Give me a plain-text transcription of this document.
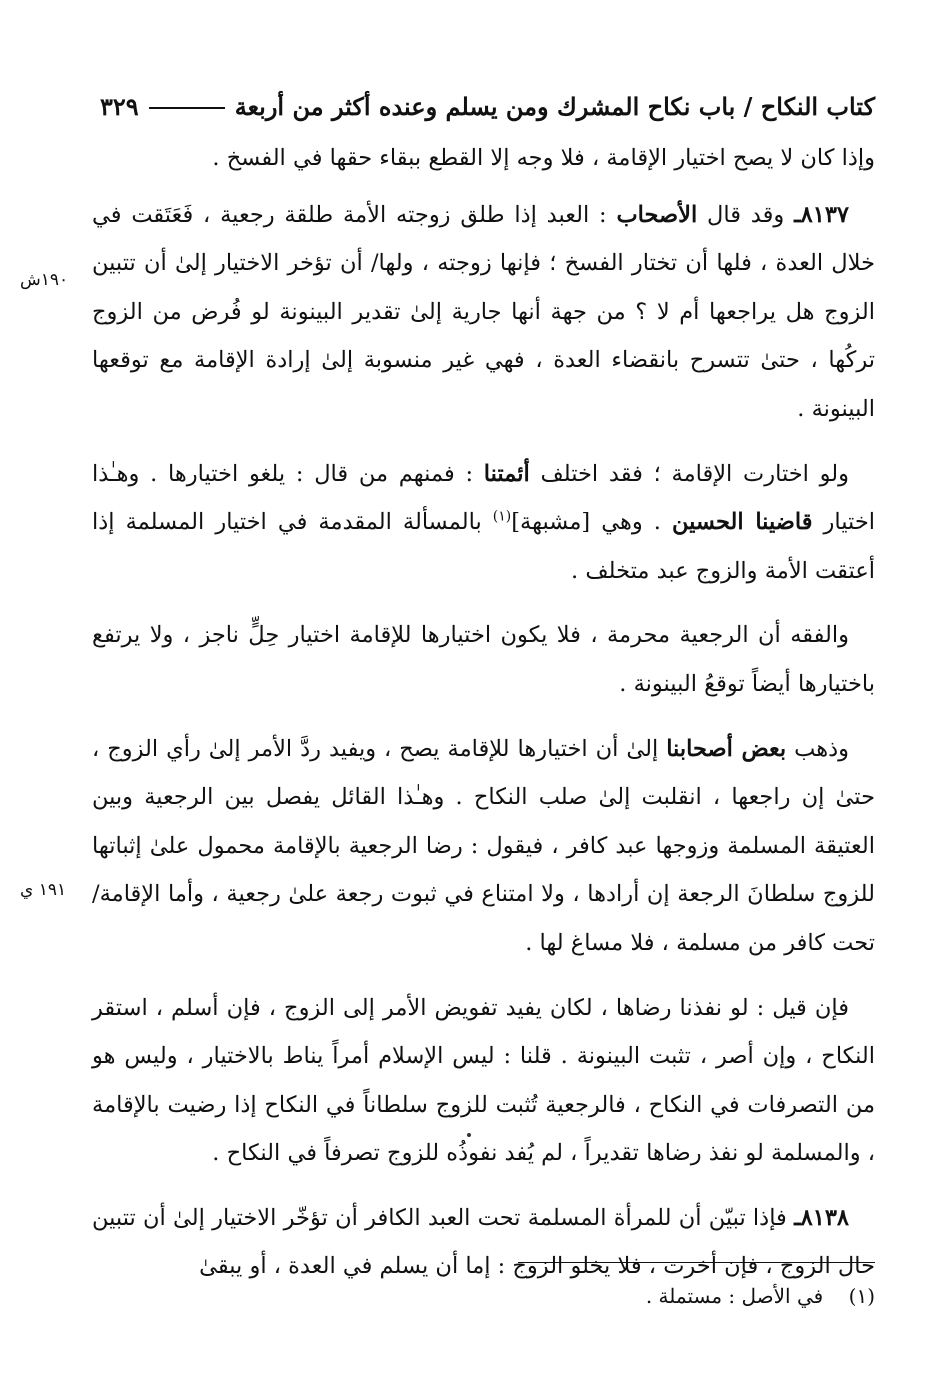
كتاب النكاح / باب نكاح المشرك ومن يسلم وعنده أكثر من أربعة
٣٢٩

وإذا كان لا يصح اختيار الإقامة ، فلا وجه إلا القطع ببقاء حقها في الفسخ .

٨١٣٧ـ وقد قال الأصحاب : العبد إذا طلق زوجته الأمة طلقة رجعية ، فَعَتَقت في خلال العدة ، فلها أن تختار الفسخ ؛ فإنها زوجته ، ولها/ أن تؤخر الاختيار إلىٰ أن تتبين الزوج هل يراجعها أم لا ؟ من جهة أنها جارية إلىٰ تقدير البينونة لو فُرض من الزوج تركُها ، حتىٰ تتسرح بانقضاء العدة ، فهي غير منسوبة إلىٰ إرادة الإقامة مع توقعها البينونة .

ولو اختارت الإقامة ؛ فقد اختلف أئمتنا : فمنهم من قال : يلغو اختيارها . وهـٰذا اختيار قاضينا الحسين . وهي [مشبهة]$^{(١)}$ بالمسألة المقدمة في اختيار المسلمة إذا أعتقت الأمة والزوج عبد متخلف .

والفقه أن الرجعية محرمة ، فلا يكون اختيارها للإقامة اختيار حِلٍّ ناجز ، ولا يرتفع باختيارها أيضاً توقعُ البينونة .

وذهب بعض أصحابنا إلىٰ أن اختيارها للإقامة يصح ، ويفيد ردَّ الأمر إلىٰ رأي الزوج ، حتىٰ إن راجعها ، انقلبت إلىٰ صلب النكاح . وهـٰذا القائل يفصل بين الرجعية وبين العتيقة المسلمة وزوجها عبد كافر ، فيقول : رضا الرجعية بالإقامة محمول علىٰ إثباتها للزوج سلطانَ الرجعة إن أرادها ، ولا امتناع في ثبوت رجعة علىٰ رجعية ، وأما الإقامة/ تحت كافر من مسلمة ، فلا مساغ لها .

فإن قيل : لو نفذنا رضاها ، لكان يفيد تفويض الأمر إلى الزوج ، فإن أسلم ، استقر النكاح ، وإن أصر ، تثبت البينونة . قلنا : ليس الإسلام أمراً يناط بالاختيار ، وليس هو من التصرفات في النكاح ، فالرجعية تُثبت للزوج سلطاناً في النكاح إذا رضيت بالإقامة ، والمسلمة لو نفذ رضاها تقديراً ، لم يُفد نفوذُه للزوج تصرفاً في النكاح .

٨١٣٨ـ فإذا تبيّن أن للمرأة المسلمة تحت العبد الكافر أن تؤخّر الاختيار إلىٰ أن تتبين حال الزوج ، فإن أخرت ، فلا يخلو الزوج : إما أن يسلم في العدة ، أو يبقىٰ

١٩٠ش
١٩١ ي
(١)    في الأصل : مستملة .
